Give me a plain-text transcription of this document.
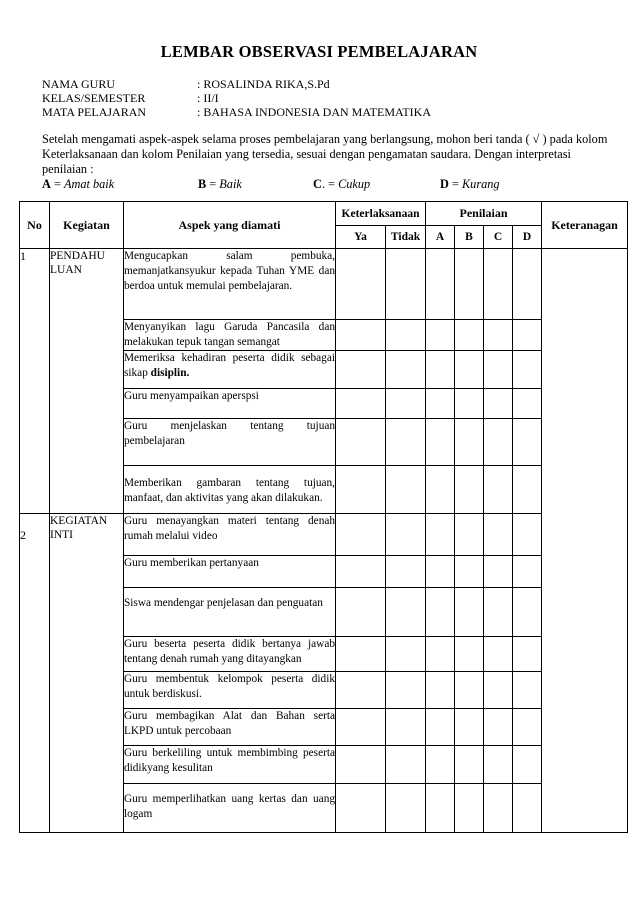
LEMBAR OBSERVASI PEMBELAJARAN
NAMA GURU	: ROSALINDA RIKA,S.Pd
KELAS/SEMESTER	: II/I
MATA PELAJARAN	: BAHASA INDONESIA DAN MATEMATIKA
Setelah mengamati aspek-aspek selama proses pembelajaran yang berlangsung, mohon beri tanda ( √ ) pada kolom Keterlaksanaan dan kolom Penilaian yang tersedia, sesuai dengan pengamatan saudara. Dengan interpretasi penilaian :
A = Amat baik	B = Baik	C. = Cukup	D = Kurang
No	Kegiatan	Aspek yang diamati	Keterlaksanaan		Penilaian				Keteranagan
			Ya	Tidak	A	B	C	D	
1	PENDAHU LUAN	Mengucapkan salam pembuka, memanjatkansyukur kepada Tuhan YME dan berdoa untuk memulai pembelajaran.							
		Menyanyikan lagu Garuda Pancasila dan melakukan tepuk tangan semangat							
		Memeriksa kehadiran peserta didik sebagai sikap disiplin.							
		Guru menyampaikan aperspsi							
		Guru menjelaskan tentang tujuan pembelajaran							
		Memberikan gambaran tentang tujuan, manfaat, dan aktivitas yang akan dilakukan.							
2	KEGIATAN INTI	Guru menayangkan materi tentang denah rumah melalui video							
		Guru memberikan pertanyaan							
		Siswa mendengar penjelasan dan penguatan							
		Guru beserta peserta didik bertanya jawab tentang denah rumah yang ditayangkan							
		Guru membentuk kelompok peserta didik untuk berdiskusi.							
		Guru membagikan Alat dan Bahan serta LKPD untuk percobaan							
		Guru berkeliling untuk membimbing peserta didikyang kesulitan							
		Guru memperlihatkan uang kertas dan uang logam							
